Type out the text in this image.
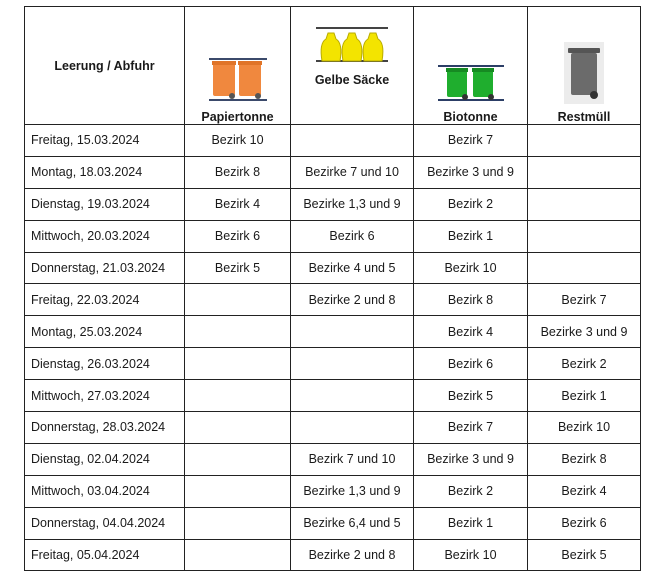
Leerung / Abfuhr	Papiertonne	Gelbe Säcke	Biotonne	Restmüll
Freitag, 15.03.2024	Bezirk 10		Bezirk 7	
Montag, 18.03.2024	Bezirk 8	Bezirke 7 und 10	Bezirke 3 und 9	
Dienstag, 19.03.2024	Bezirk 4	Bezirke 1,3 und 9	Bezirk 2	
Mittwoch, 20.03.2024	Bezirk 6	Bezirk 6	Bezirk 1	
Donnerstag, 21.03.2024	Bezirk 5	Bezirke 4 und 5	Bezirk 10	
Freitag, 22.03.2024		Bezirke 2 und 8	Bezirk 8	Bezirk 7
Montag, 25.03.2024			Bezirk 4	Bezirke 3 und 9
Dienstag, 26.03.2024			Bezirk 6	Bezirk 2
Mittwoch, 27.03.2024			Bezirk 5	Bezirk 1
Donnerstag, 28.03.2024			Bezirk 7	Bezirk 10
Dienstag, 02.04.2024		Bezirk 7 und 10	Bezirke 3 und 9	Bezirk 8
Mittwoch, 03.04.2024		Bezirke 1,3 und 9	Bezirk 2	Bezirk 4
Donnerstag, 04.04.2024		Bezirke 6,4 und 5	Bezirk 1	Bezirk 6
Freitag, 05.04.2024		Bezirke 2 und 8	Bezirk 10	Bezirk 5
